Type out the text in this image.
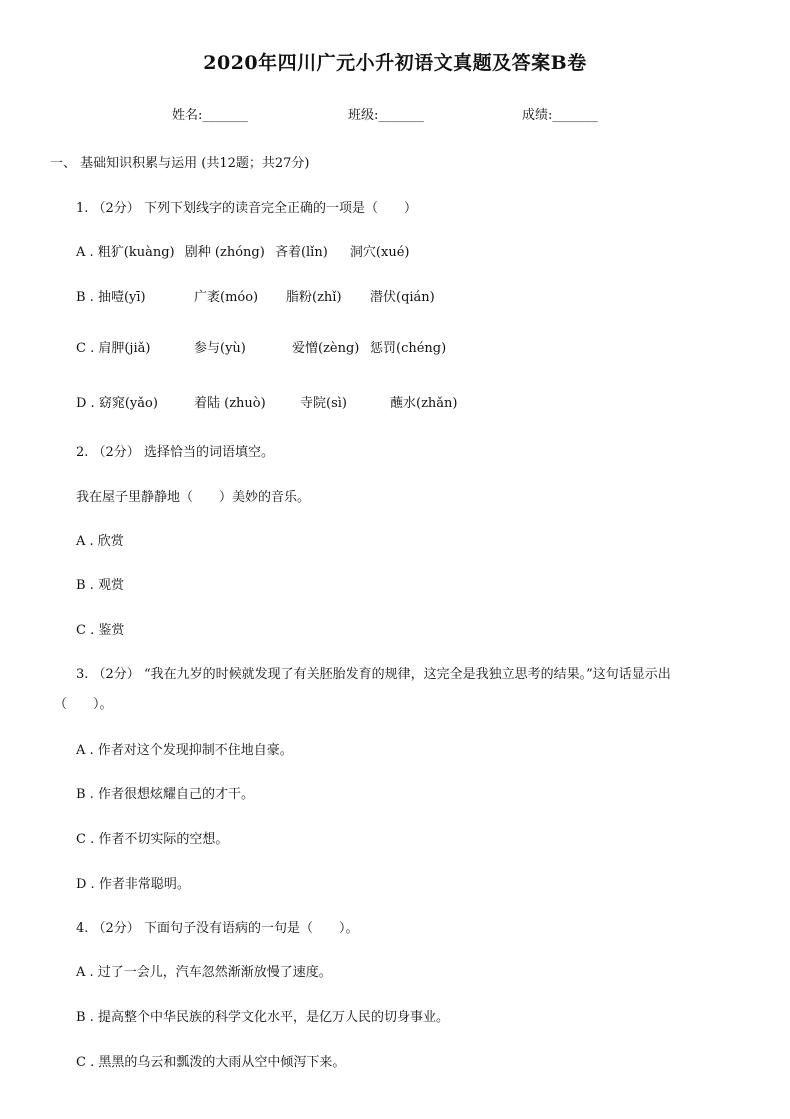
2020年四川广元小升初语文真题及答案B卷
姓名:_______	班级:_______	成绩:_______
一、 基础知识积累与运用 (共12题；共27分)
1. （2分） 下列下划线字的读音完全正确的一项是（　　）
A . 粗犷(kuàng) 剧种 (zhóng) 吝着(lǐn) 洞穴(xué)
B . 抽噎(yī)	广袤(móo) 脂粉(zhǐ) 潜伏(qián)
C . 肩胛(jiǎ)	参与(yù)	爱憎(zèng) 惩罚(chéng)
D . 窈窕(yǎo)	着陆 (zhuò)	寺院(sì)	蘸水(zhǎn)
2. （2分） 选择恰当的词语填空。
我在屋子里静静地（　　）美妙的音乐。
A . 欣赏
B . 观赏
C . 鉴赏
3. （2分） “我在九岁的时候就发现了有关胚胎发育的规律，这完全是我独立思考的结果。”这句话显示出
（　　）。
A . 作者对这个发现抑制不住地自豪。
B . 作者很想炫耀自己的才干。
C . 作者不切实际的空想。
D . 作者非常聪明。
4. （2分） 下面句子没有语病的一句是（　　）。
A . 过了一会儿，汽车忽然渐渐放慢了速度。
B . 提高整个中华民族的科学文化水平，是亿万人民的切身事业。
C . 黑黑的乌云和瓢泼的大雨从空中倾泻下来。
